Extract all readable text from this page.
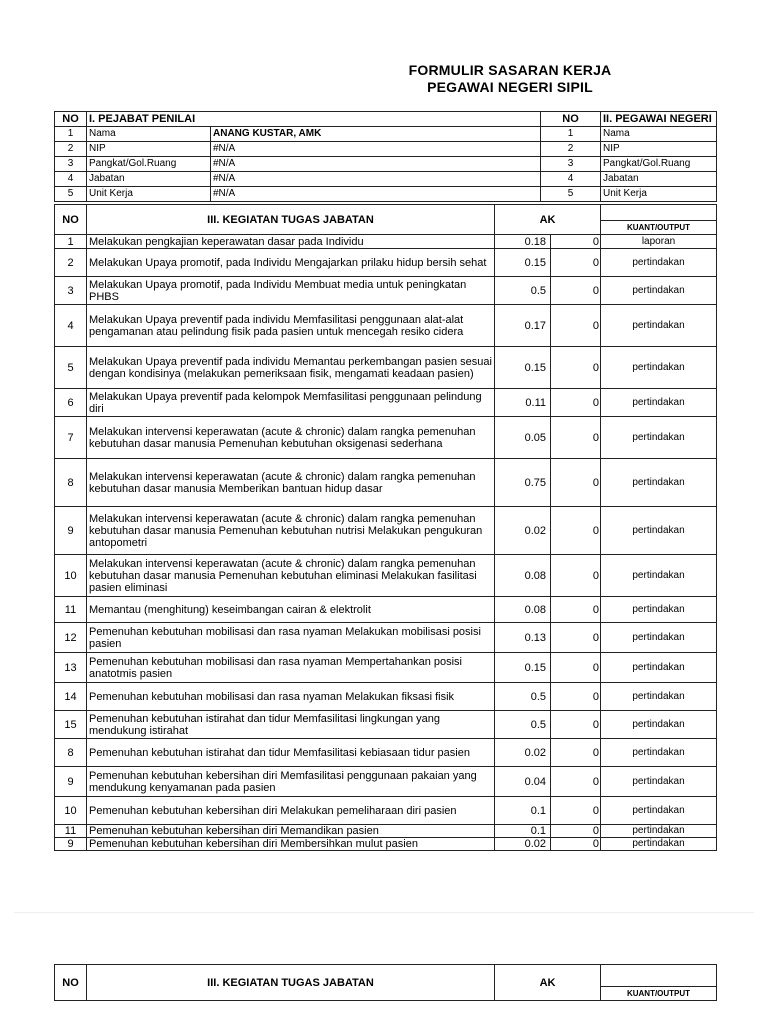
FORMULIR SASARAN KERJA
PEGAWAI NEGERI SIPIL
NO	I. PEJABAT PENILAI		NO	II. PEGAWAI NEGERI
1	Nama	ANANG KUSTAR, AMK	1	Nama
2	NIP	#N/A	2	NIP
3	Pangkat/Gol.Ruang	#N/A	3	Pangkat/Gol.Ruang
4	Jabatan	#N/A	4	Jabatan
5	Unit Kerja	#N/A	5	Unit Kerja
NO	III. KEGIATAN TUGAS JABATAN	AK		KUANT/OUTPUT

1	Melakukan pengkajian keperawatan dasar pada Individu	0.18	0	laporan
2	Melakukan Upaya promotif, pada Individu Mengajarkan prilaku hidup bersih sehat	0.15	0	pertindakan
3	Melakukan Upaya promotif, pada Individu Membuat media untuk peningkatan PHBS	0.5	0	pertindakan
4	Melakukan Upaya preventif pada individu Memfasilitasi penggunaan alat-alat pengamanan atau pelindung fisik pada pasien untuk mencegah resiko cidera	0.17	0	pertindakan
5	Melakukan Upaya preventif pada individu Memantau perkembangan pasien sesuai dengan kondisinya (melakukan pemeriksaan fisik, mengamati keadaan pasien)	0.15	0	pertindakan
6	Melakukan Upaya preventif pada kelompok Memfasilitasi penggunaan pelindung diri	0.11	0	pertindakan
7	Melakukan intervensi keperawatan (acute & chronic) dalam rangka pemenuhan kebutuhan dasar manusia Pemenuhan kebutuhan oksigenasi sederhana	0.05	0	pertindakan
8	Melakukan intervensi keperawatan (acute & chronic) dalam rangka pemenuhan kebutuhan dasar manusia Memberikan bantuan hidup dasar	0.75	0	pertindakan
9	Melakukan intervensi keperawatan (acute & chronic) dalam rangka pemenuhan kebutuhan dasar manusia Pemenuhan kebutuhan nutrisi Melakukan pengukuran antopometri	0.02	0	pertindakan
10	Melakukan intervensi keperawatan (acute & chronic) dalam rangka pemenuhan kebutuhan dasar manusia Pemenuhan kebutuhan eliminasi Melakukan fasilitasi pasien eliminasi	0.08	0	pertindakan
11	Memantau (menghitung) keseimbangan cairan & elektrolit	0.08	0	pertindakan
12	Pemenuhan kebutuhan mobilisasi dan rasa nyaman Melakukan mobilisasi posisi pasien	0.13	0	pertindakan
13	Pemenuhan kebutuhan mobilisasi dan rasa nyaman Mempertahankan posisi anatotmis pasien	0.15	0	pertindakan
14	Pemenuhan kebutuhan mobilisasi dan rasa nyaman Melakukan fiksasi fisik	0.5	0	pertindakan
15	Pemenuhan kebutuhan istirahat dan tidur Memfasilitasi lingkungan yang mendukung istirahat	0.5	0	pertindakan
8	Pemenuhan kebutuhan istirahat dan tidur Memfasilitasi kebiasaan tidur pasien	0.02	0	pertindakan
9	Pemenuhan kebutuhan kebersihan diri Memfasilitasi penggunaan pakaian yang mendukung kenyamanan pada pasien	0.04	0	pertindakan
10	Pemenuhan kebutuhan kebersihan diri Melakukan pemeliharaan diri pasien	0.1	0	pertindakan
11	Pemenuhan kebutuhan kebersihan diri Memandikan pasien	0.1	0	pertindakan
9	Pemenuhan kebutuhan kebersihan diri Membersihkan mulut pasien	0.02	0	pertindakan
NO	III. KEGIATAN TUGAS JABATAN	AK	
KUANT/OUTPUT
